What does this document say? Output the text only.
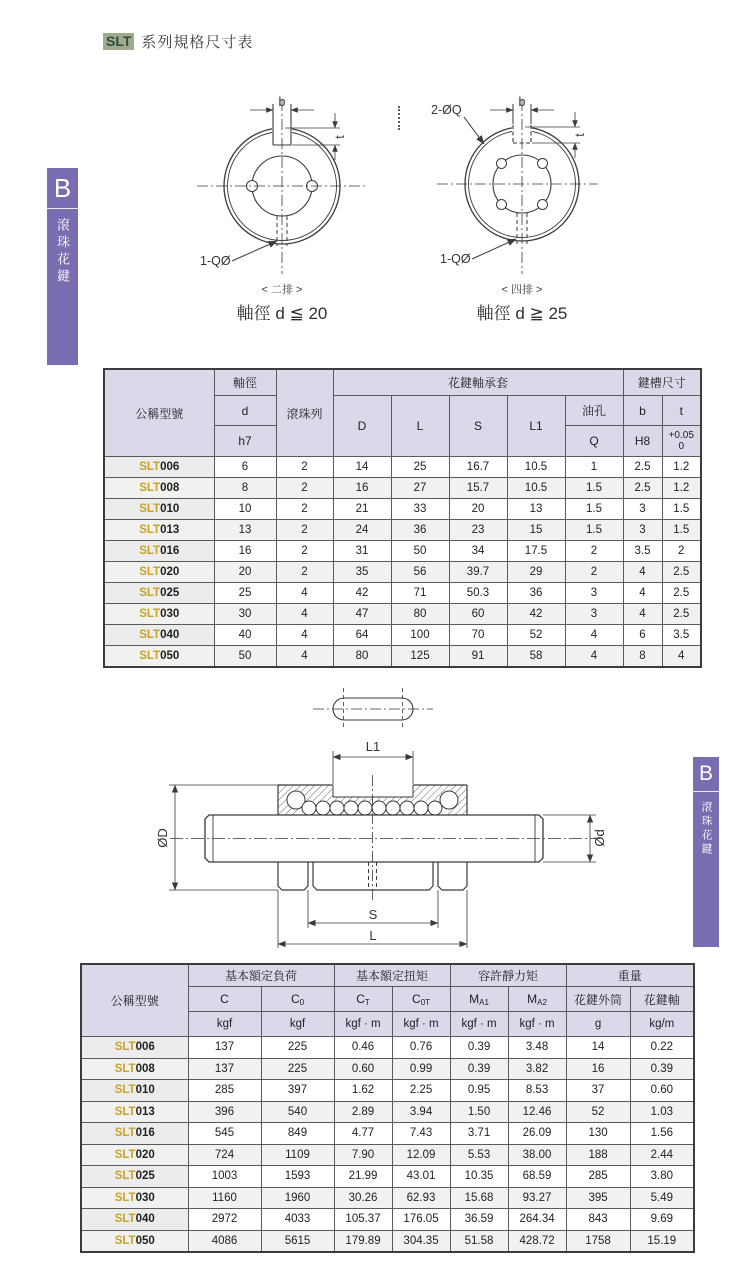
SLT 系列規格尺寸表
B
滾珠花鍵
B
滾珠花鍵
b
t
1-QØ
< 二排 >
軸徑 d ≦ 20
b
t
2-ØQ
1-QØ
< 四排 >
軸徑 d ≧ 25
公稱型號	軸徑	滾珠列	花鍵軸承套					鍵槽尺寸	
	d		D	L	S	L1	油孔	b	t
	h7						Q	H8	+0.05
0

SLT006	6	2	14	25	16.7	10.5	1	2.5	1.2
SLT008	8	2	16	27	15.7	10.5	1.5	2.5	1.2
SLT010	10	2	21	33	20	13	1.5	3	1.5
SLT013	13	2	24	36	23	15	1.5	3	1.5
SLT016	16	2	31	50	34	17.5	2	3.5	2
SLT020	20	2	35	56	39.7	29	2	4	2.5
SLT025	25	4	42	71	50.3	36	3	4	2.5
SLT030	30	4	47	80	60	42	3	4	2.5
SLT040	40	4	64	100	70	52	4	6	3.5
SLT050	50	4	80	125	91	58	4	8	4
L1
ØD	Ød
S
L
公稱型號	基本額定負荷		基本額定扭矩		容許靜力矩		重量	
	C	$C_0$	$C_T$	$C_{0T}$	$M_{A1}$	$M_{A2}$	花鍵外筒	花鍵軸
	kgf	kgf	kgf · m	kgf · m	kgf · m	kgf · m	g	kg/m
SLT006	137	225	0.46	0.76	0.39	3.48	14	0.22
SLT008	137	225	0.60	0.99	0.39	3.82	16	0.39
SLT010	285	397	1.62	2.25	0.95	8.53	37	0.60
SLT013	396	540	2.89	3.94	1.50	12.46	52	1.03
SLT016	545	849	4.77	7.43	3.71	26.09	130	1.56
SLT020	724	1109	7.90	12.09	5.53	38.00	188	2.44
SLT025	1003	1593	21.99	43.01	10.35	68.59	285	3.80
SLT030	1160	1960	30.26	62.93	15.68	93.27	395	5.49
SLT040	2972	4033	105.37	176.05	36.59	264.34	843	9.69
SLT050	4086	5615	179.89	304.35	51.58	428.72	1758	15.19
